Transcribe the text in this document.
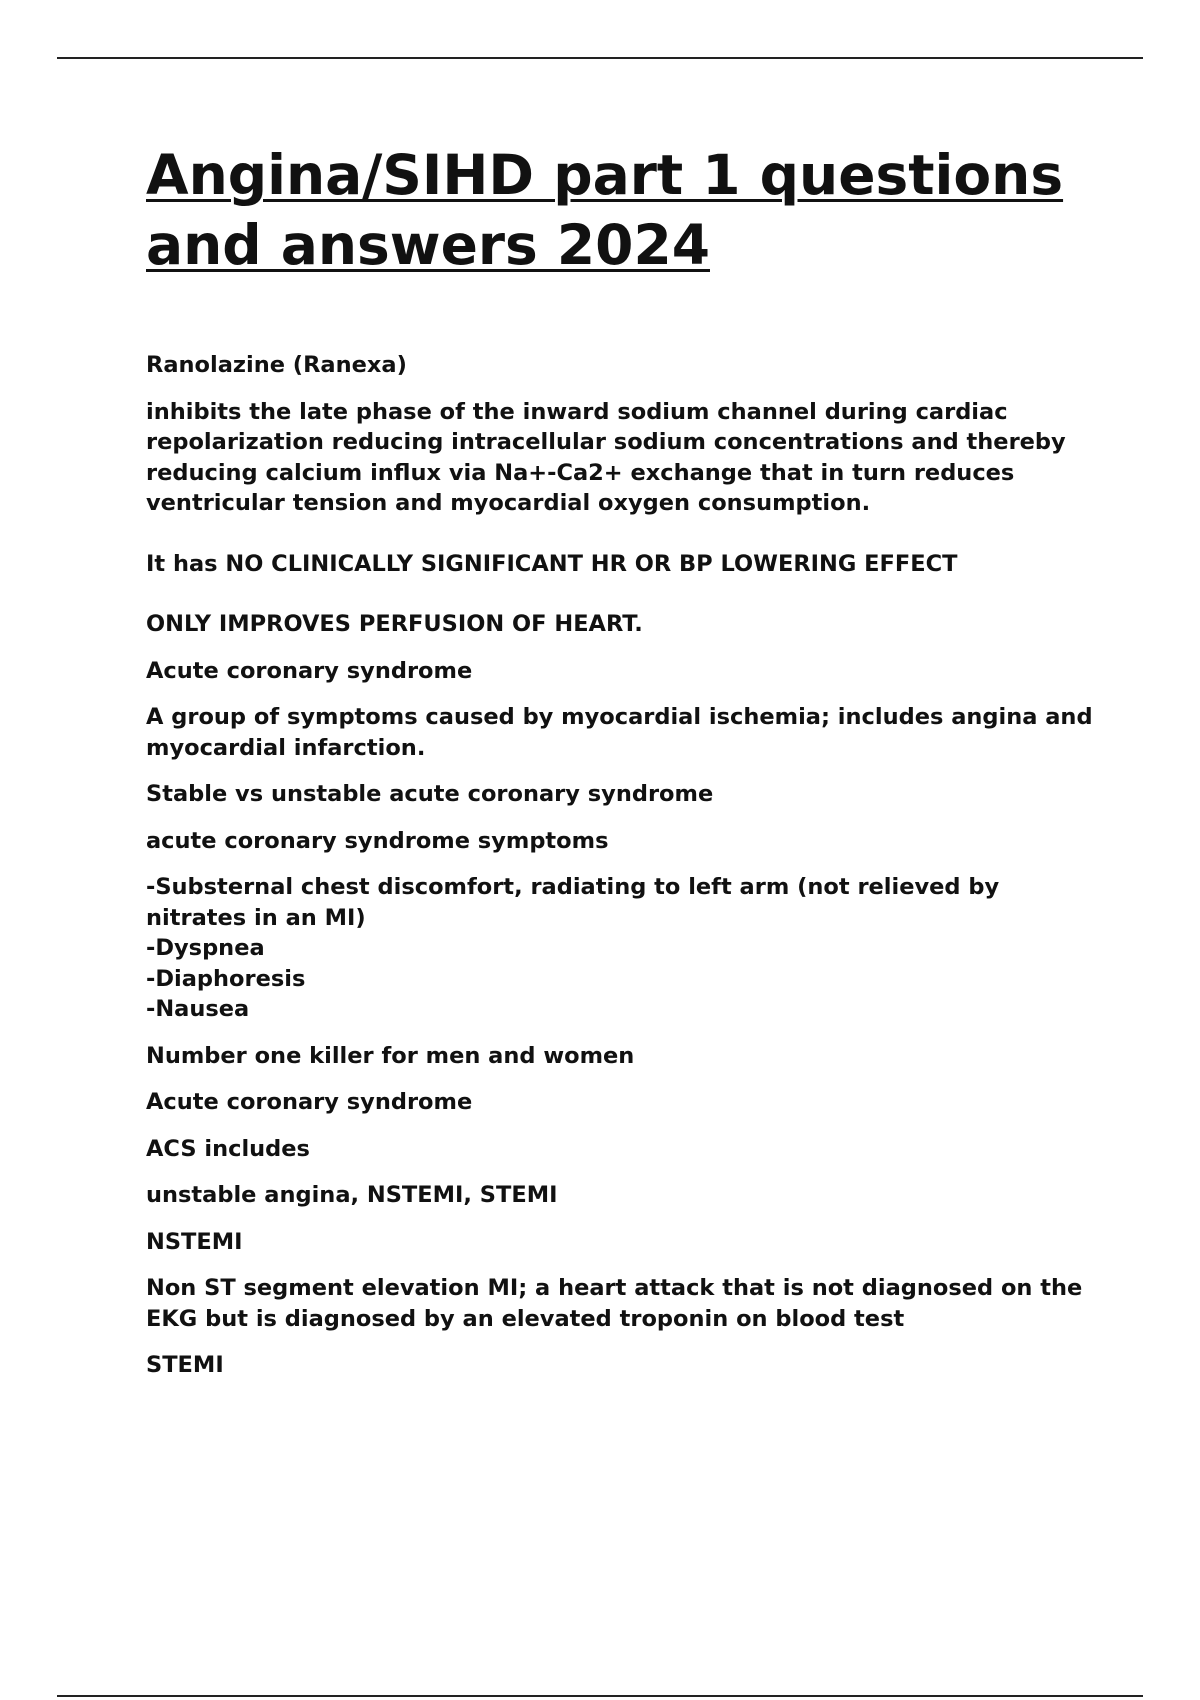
Angina/SIHD part 1 questions and answers 2024

Ranolazine (Ranexa)

inhibits the late phase of the inward sodium channel during cardiac repolarization reducing intracellular sodium concentrations and thereby reducing calcium influx via Na+-Ca2+ exchange that in turn reduces ventricular tension and myocardial oxygen consumption.

It has NO CLINICALLY SIGNIFICANT HR OR BP LOWERING EFFECT

ONLY IMPROVES PERFUSION OF HEART.

Acute coronary syndrome

A group of symptoms caused by myocardial ischemia; includes angina and myocardial infarction.

Stable vs unstable acute coronary syndrome

acute coronary syndrome symptoms

-Substernal chest discomfort, radiating to left arm (not relieved by nitrates in an MI)
-Dyspnea
-Diaphoresis
-Nausea

Number one killer for men and women

Acute coronary syndrome

ACS includes

unstable angina, NSTEMI, STEMI

NSTEMI

Non ST segment elevation MI; a heart attack that is not diagnosed on the EKG but is diagnosed by an elevated troponin on blood test

STEMI
